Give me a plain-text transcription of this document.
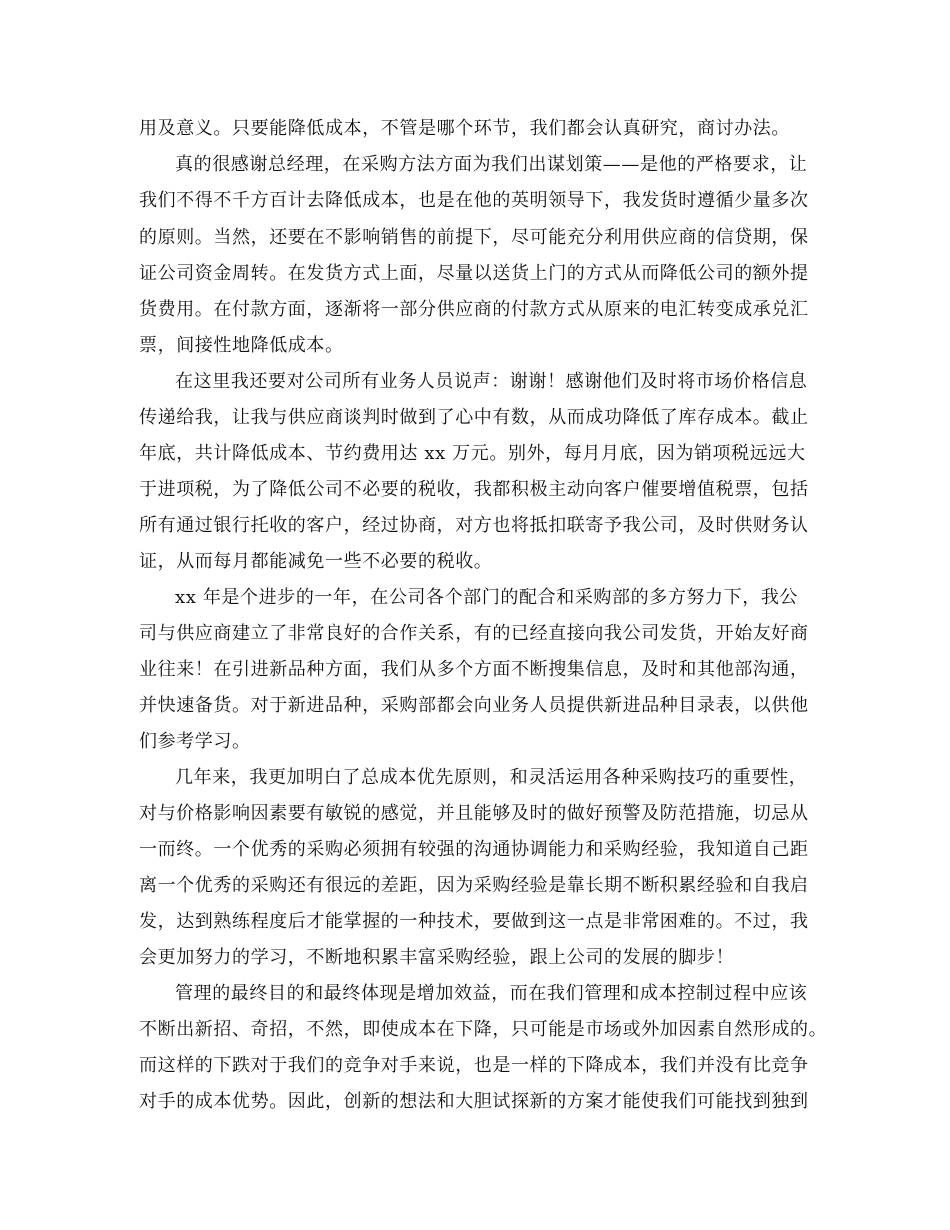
用及意义。只要能降低成本，不管是哪个环节，我们都会认真研究，商讨办法。
真的很感谢总经理，在采购方法方面为我们出谋划策——是他的严格要求，让
我们不得不千方百计去降低成本，也是在他的英明领导下，我发货时遵循少量多次
的原则。当然，还要在不影响销售的前提下，尽可能充分利用供应商的信贷期，保
证公司资金周转。在发货方式上面，尽量以送货上门的方式从而降低公司的额外提
货费用。在付款方面，逐渐将一部分供应商的付款方式从原来的电汇转变成承兑汇
票，间接性地降低成本。
在这里我还要对公司所有业务人员说声：谢谢！感谢他们及时将市场价格信息
传递给我，让我与供应商谈判时做到了心中有数，从而成功降低了库存成本。截止
年底，共计降低成本、节约费用达 xx 万元。别外，每月月底，因为销项税远远大
于进项税，为了降低公司不必要的税收，我都积极主动向客户催要增值税票，包括
所有通过银行托收的客户，经过协商，对方也将抵扣联寄予我公司，及时供财务认
证，从而每月都能减免一些不必要的税收。
xx 年是个进步的一年，在公司各个部门的配合和采购部的多方努力下，我公
司与供应商建立了非常良好的合作关系，有的已经直接向我公司发货，开始友好商
业往来！在引进新品种方面，我们从多个方面不断搜集信息，及时和其他部沟通，
并快速备货。对于新进品种，采购部都会向业务人员提供新进品种目录表，以供他
们参考学习。
几年来，我更加明白了总成本优先原则，和灵活运用各种采购技巧的重要性，
对与价格影响因素要有敏锐的感觉，并且能够及时的做好预警及防范措施，切忌从
一而终。一个优秀的采购必须拥有较强的沟通协调能力和采购经验，我知道自己距
离一个优秀的采购还有很远的差距，因为采购经验是靠长期不断积累经验和自我启
发，达到熟练程度后才能掌握的一种技术，要做到这一点是非常困难的。不过，我
会更加努力的学习，不断地积累丰富采购经验，跟上公司的发展的脚步！
管理的最终目的和最终体现是增加效益，而在我们管理和成本控制过程中应该
不断出新招、奇招，不然，即使成本在下降，只可能是市场或外加因素自然形成的。
而这样的下跌对于我们的竞争对手来说，也是一样的下降成本，我们并没有比竞争
对手的成本优势。因此，创新的想法和大胆试探新的方案才能使我们可能找到独到
